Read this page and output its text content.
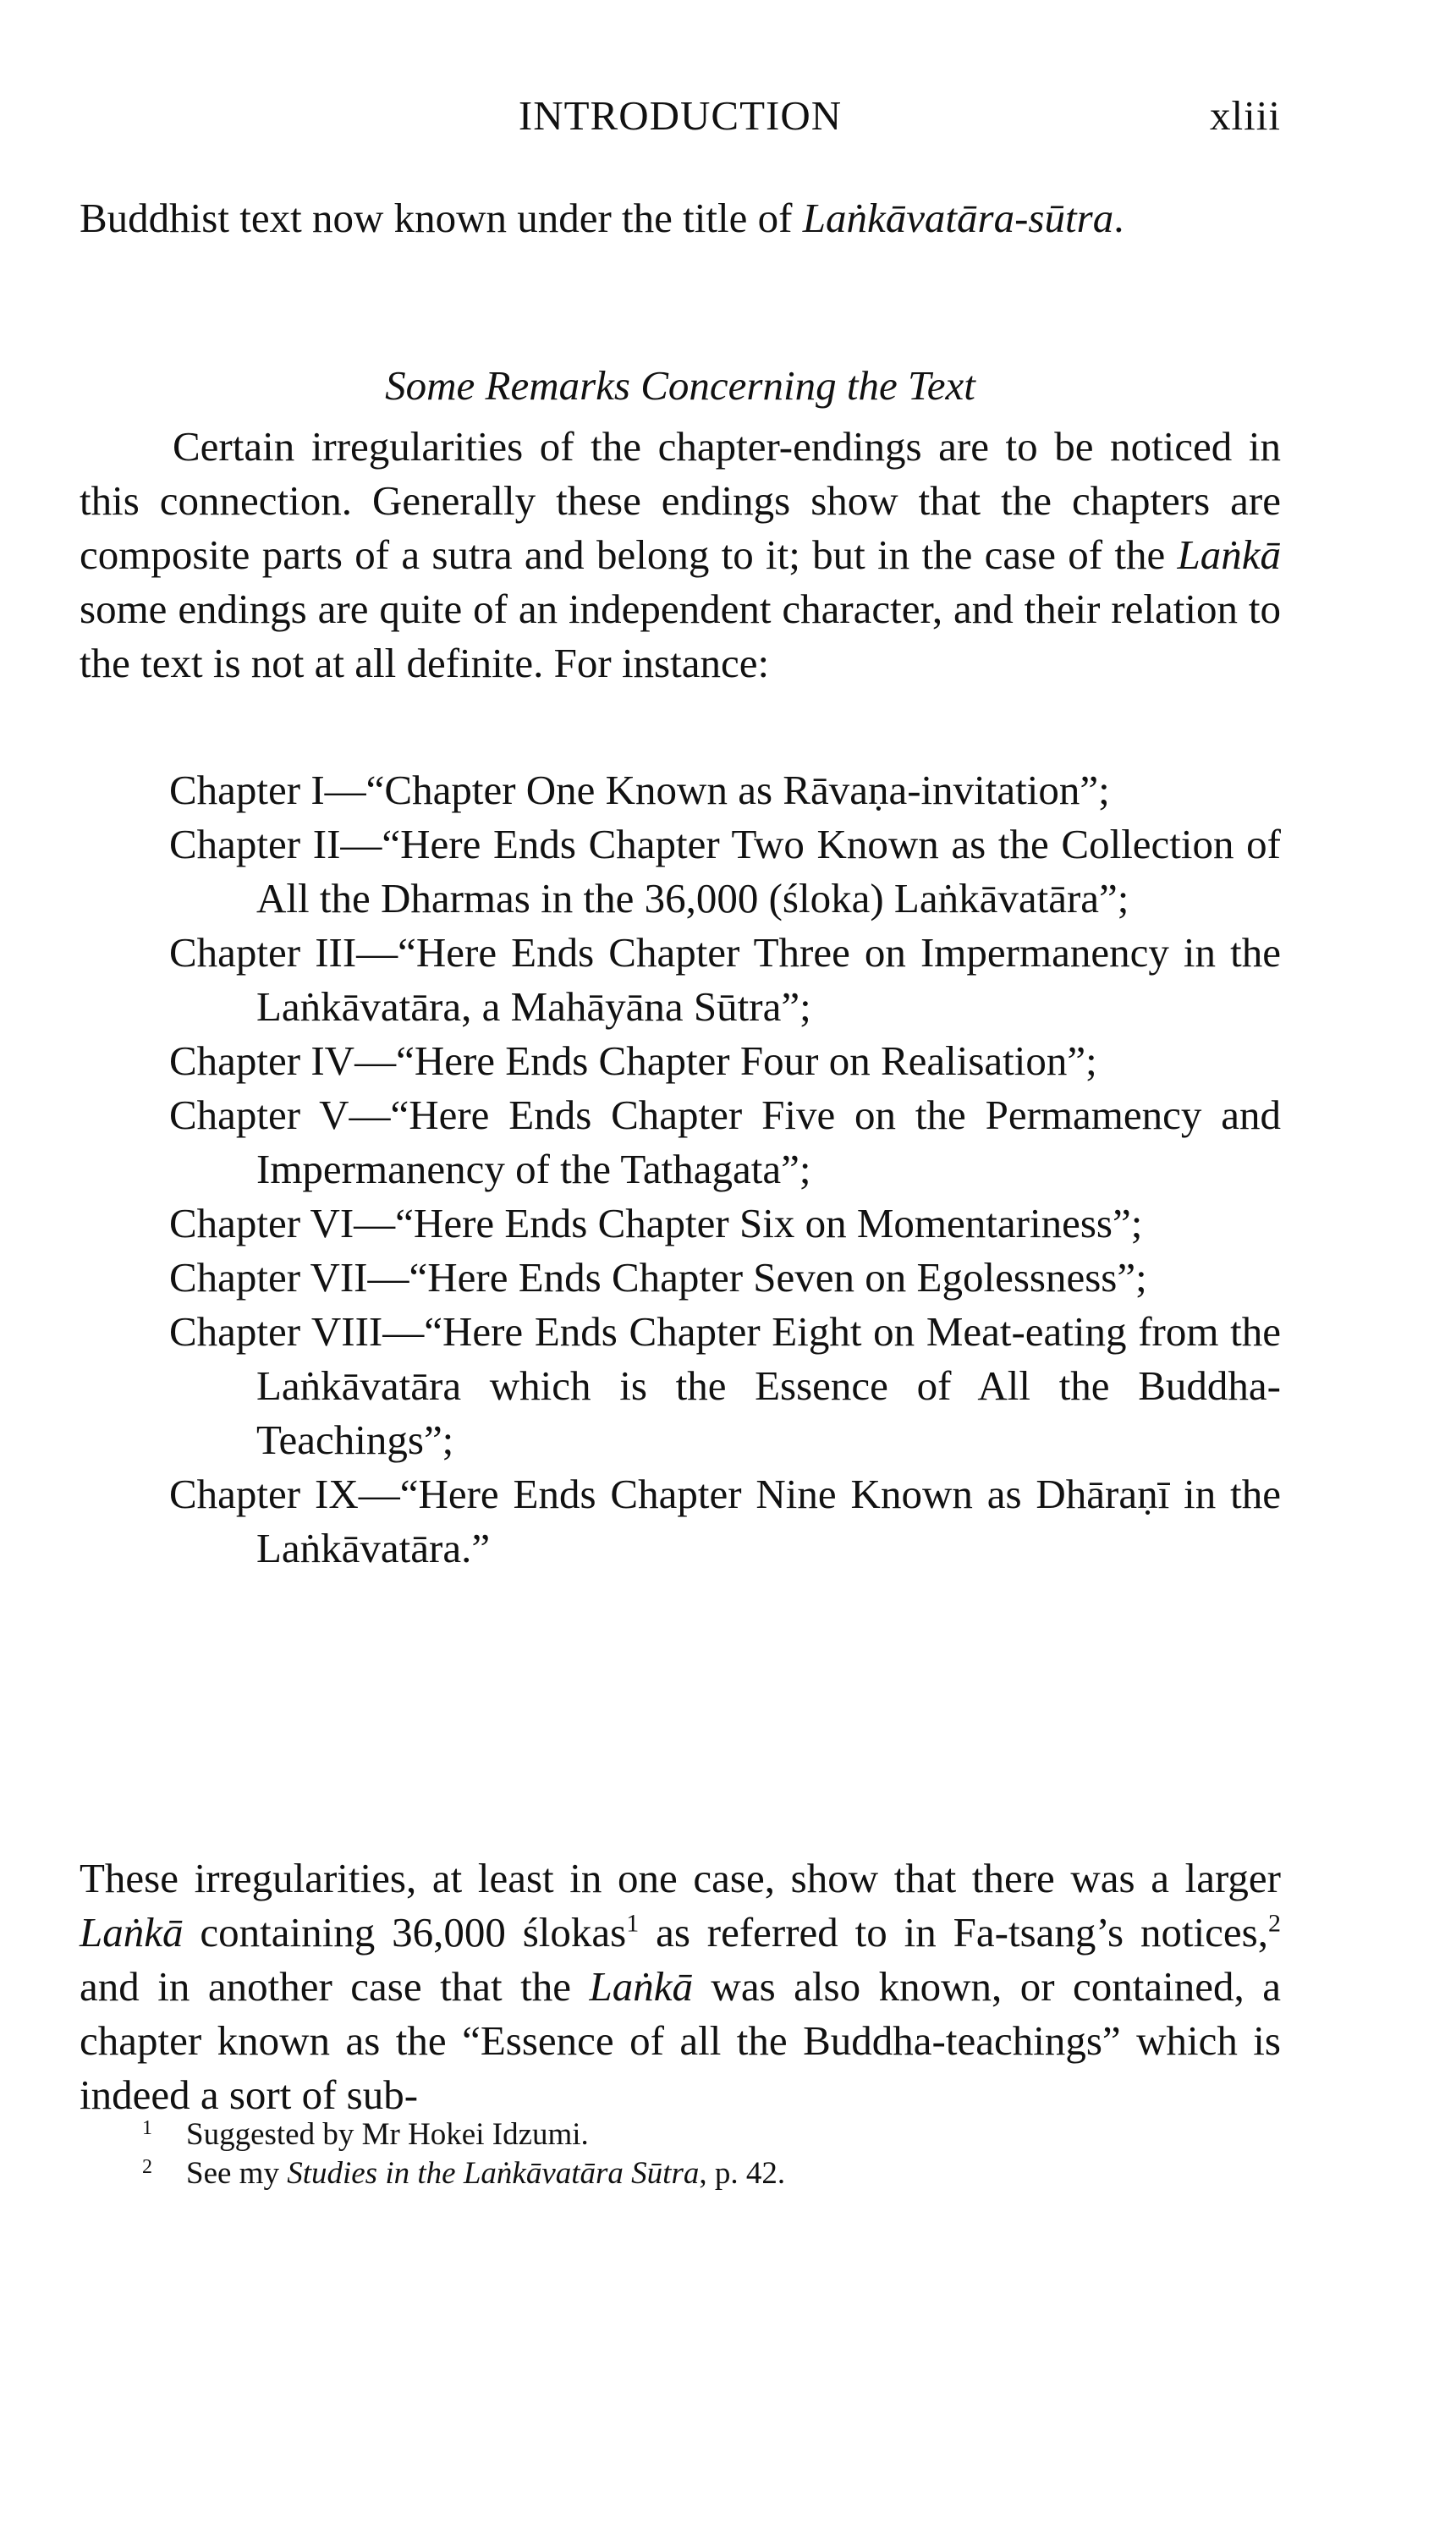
INTRODUCTION	xliii

Buddhist text now known under the title of Laṅkāvatāra-sūtra.

Some Remarks Concerning the Text

Certain irregularities of the chapter-endings are to be noticed in this connection. Generally these endings show that the chapters are composite parts of a sutra and belong to it; but in the case of the Laṅkā some endings are quite of an independent character, and their relation to the text is not at all definite. For instance:

Chapter I—“Chapter One Known as Rāvaṇa-invitation”;

Chapter II—“Here Ends Chapter Two Known as the Collection of All the Dharmas in the 36,000 (śloka) Laṅkāvatāra”;

Chapter III—“Here Ends Chapter Three on Impermanency in the Laṅkāvatāra, a Mahāyāna Sūtra”;

Chapter IV—“Here Ends Chapter Four on Realisation”;

Chapter V—“Here Ends Chapter Five on the Permamency and Impermanency of the Tathagata”;

Chapter VI—“Here Ends Chapter Six on Momentariness”;

Chapter VII—“Here Ends Chapter Seven on Egolessness”;

Chapter VIII—“Here Ends Chapter Eight on Meat-eating from the Laṅkāvatāra which is the Essence of All the Buddha-Teachings”;

Chapter IX—“Here Ends Chapter Nine Known as Dhāraṇī in the Laṅkāvatāra.”

These irregularities, at least in one case, show that there was a larger Laṅkā containing 36,000 ślokas$^1$ as referred to in Fa-tsang’s notices,$^2$ and in another case that the Laṅkā was also known, or contained, a chapter known as the “Essence of all the Buddha-teachings” which is indeed a sort of sub-

1 Suggested by Mr Hokei Idzumi.

2 See my Studies in the Laṅkāvatāra Sūtra, p. 42.
